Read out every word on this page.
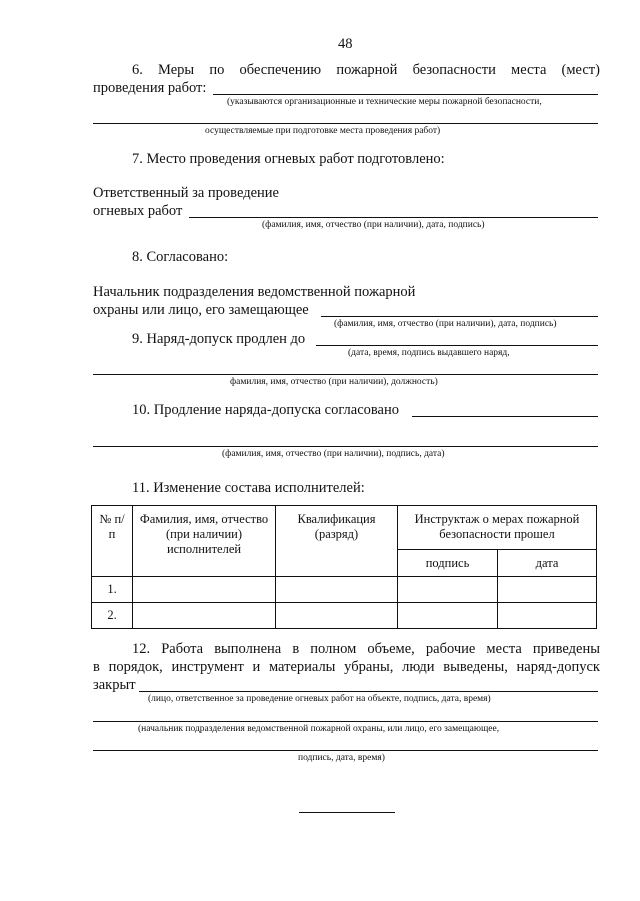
48
6. Меры по обеспечению пожарной безопасности места (мест)
проведения работ:
(указываются организационные и технические меры пожарной безопасности,
осуществляемые при подготовке места проведения работ)
7. Место проведения огневых работ подготовлено:
Ответственный за проведение
огневых работ
(фамилия, имя, отчество (при наличии), дата, подпись)
8. Согласовано:
Начальник подразделения ведомственной пожарной
охраны или лицо, его замещающее
(фамилия, имя, отчество (при наличии), дата, подпись)
9. Наряд-допуск продлен до
(дата, время, подпись выдавшего наряд,
фамилия, имя, отчество (при наличии), должность)
10. Продление наряда-допуска согласовано
(фамилия, имя, отчество (при наличии), подпись, дата)
11. Изменение состава исполнителей:
№ п/п	Фамилия, имя, отчество (при наличии) исполнителей	Квалификация (разряд)	Инструктаж о мерах пожарной безопасности прошел	
			подпись	дата
1.				
2.				
12. Работа выполнена в полном объеме, рабочие места приведены
в порядок, инструмент и материалы убраны, люди выведены, наряд-допуск
закрыт
(лицо, ответственное за проведение огневых работ на объекте, подпись, дата, время)
(начальник подразделения ведомственной пожарной охраны, или лицо, его замещающее,
подпись, дата, время)
